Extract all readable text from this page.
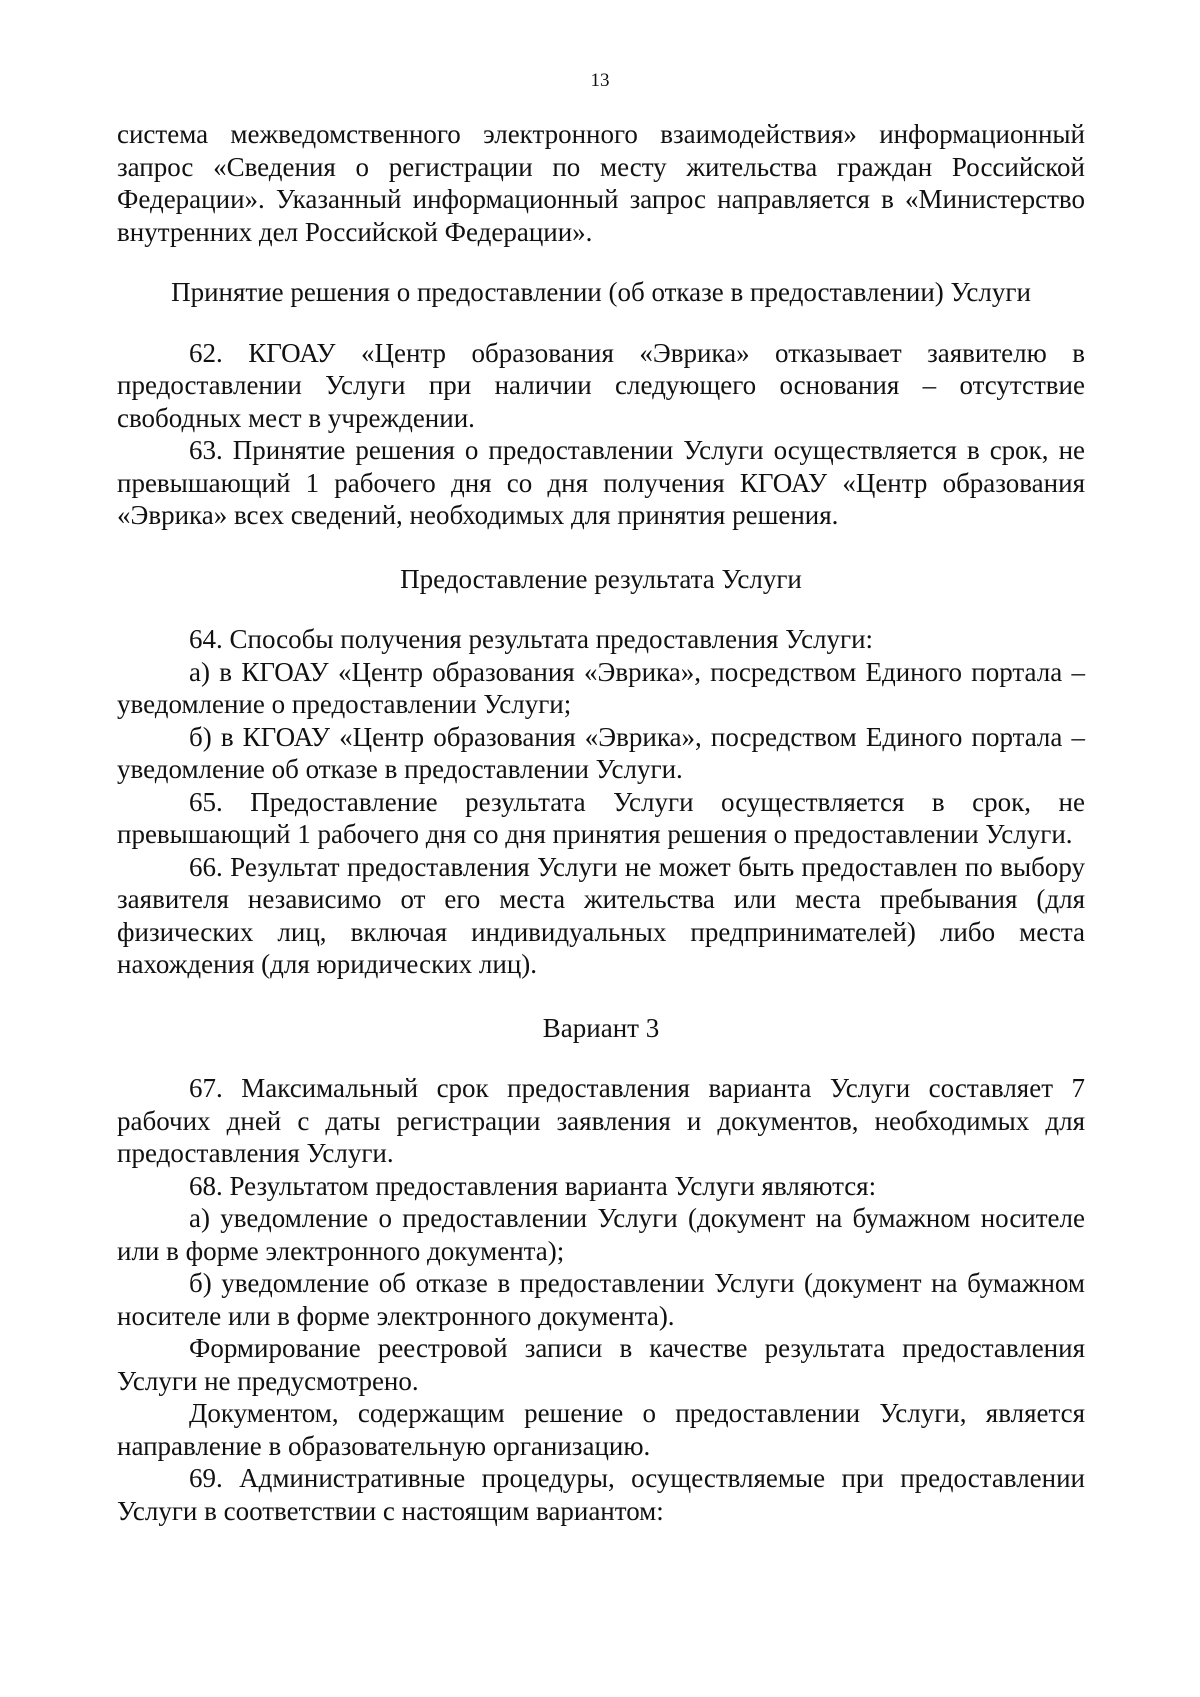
13

система межведомственного электронного взаимодействия» информационный запрос «Сведения о регистрации по месту жительства граждан Российской Федерации». Указанный информационный запрос направляется в «Министерство внутренних дел Российской Федерации».

Принятие решения о предоставлении (об отказе в предоставлении) Услуги

62. КГОАУ «Центр образования «Эврика» отказывает заявителю в предоставлении Услуги при наличии следующего основания – отсутствие свободных мест в учреждении.

63. Принятие решения о предоставлении Услуги осуществляется в срок, не превышающий 1 рабочего дня со дня получения КГОАУ «Центр образования «Эврика» всех сведений, необходимых для принятия решения.

Предоставление результата Услуги

64. Способы получения результата предоставления Услуги:

а) в КГОАУ «Центр образования «Эврика», посредством Единого портала – уведомление о предоставлении Услуги;

б) в КГОАУ «Центр образования «Эврика», посредством Единого портала – уведомление об отказе в предоставлении Услуги.

65. Предоставление результата Услуги осуществляется в срок, не превышающий 1 рабочего дня со дня принятия решения о предоставлении Услуги.

66. Результат предоставления Услуги не может быть предоставлен по выбору заявителя независимо от его места жительства или места пребывания (для физических лиц, включая индивидуальных предпринимателей) либо места нахождения (для юридических лиц).

Вариант 3

67. Максимальный срок предоставления варианта Услуги составляет 7 рабочих дней с даты регистрации заявления и документов, необходимых для предоставления Услуги.

68. Результатом предоставления варианта Услуги являются:

а) уведомление о предоставлении Услуги (документ на бумажном носителе или в форме электронного документа);

б) уведомление об отказе в предоставлении Услуги (документ на бумажном носителе или в форме электронного документа).

Формирование реестровой записи в качестве результата предоставления Услуги не предусмотрено.

Документом, содержащим решение о предоставлении Услуги, является направление в образовательную организацию.

69. Административные процедуры, осуществляемые при предоставлении Услуги в соответствии с настоящим вариантом:
